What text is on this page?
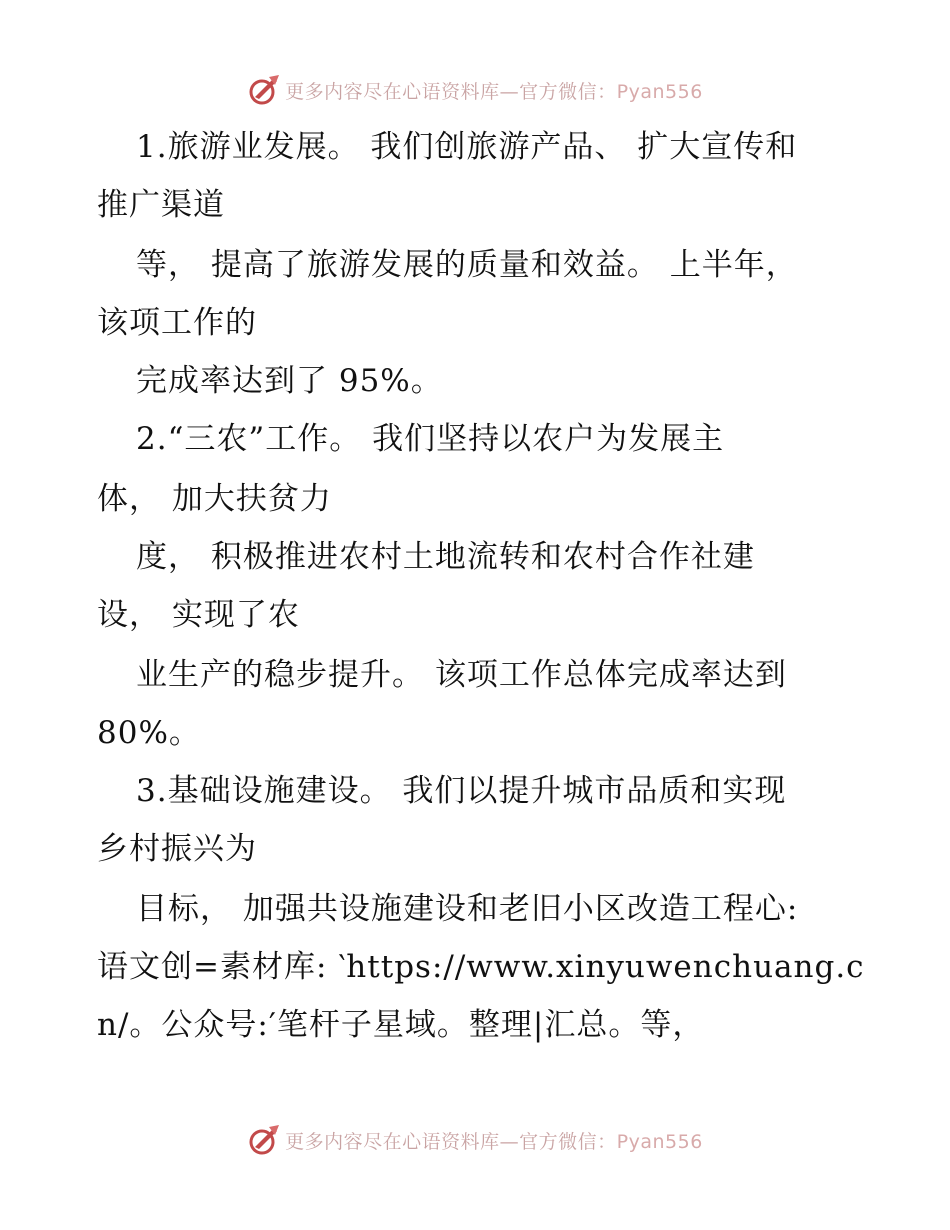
更多内容尽在心语资料库—官方微信：Pyan556
1.旅游业发展。 我们创旅游产品、 扩大宣传和
推广渠道
等， 提高了旅游发展的质量和效益。 上半年，
该项工作的
完成率达到了 95%。
2.“三农”工作。 我们坚持以农户为发展主
体， 加大扶贫力
度， 积极推进农村土地流转和农村合作社建
设， 实现了农
业生产的稳步提升。 该项工作总体完成率达到
80%。
3.基础设施建设。 我们以提升城市品质和实现
乡村振兴为
目标， 加强共设施建设和老旧小区改造工程心:
语文创=素材库: ‵https://www.xinyuwenchuang.c
n/。公众号:′笔杆子星域。整理|汇总。等，
更多内容尽在心语资料库—官方微信：Pyan556
